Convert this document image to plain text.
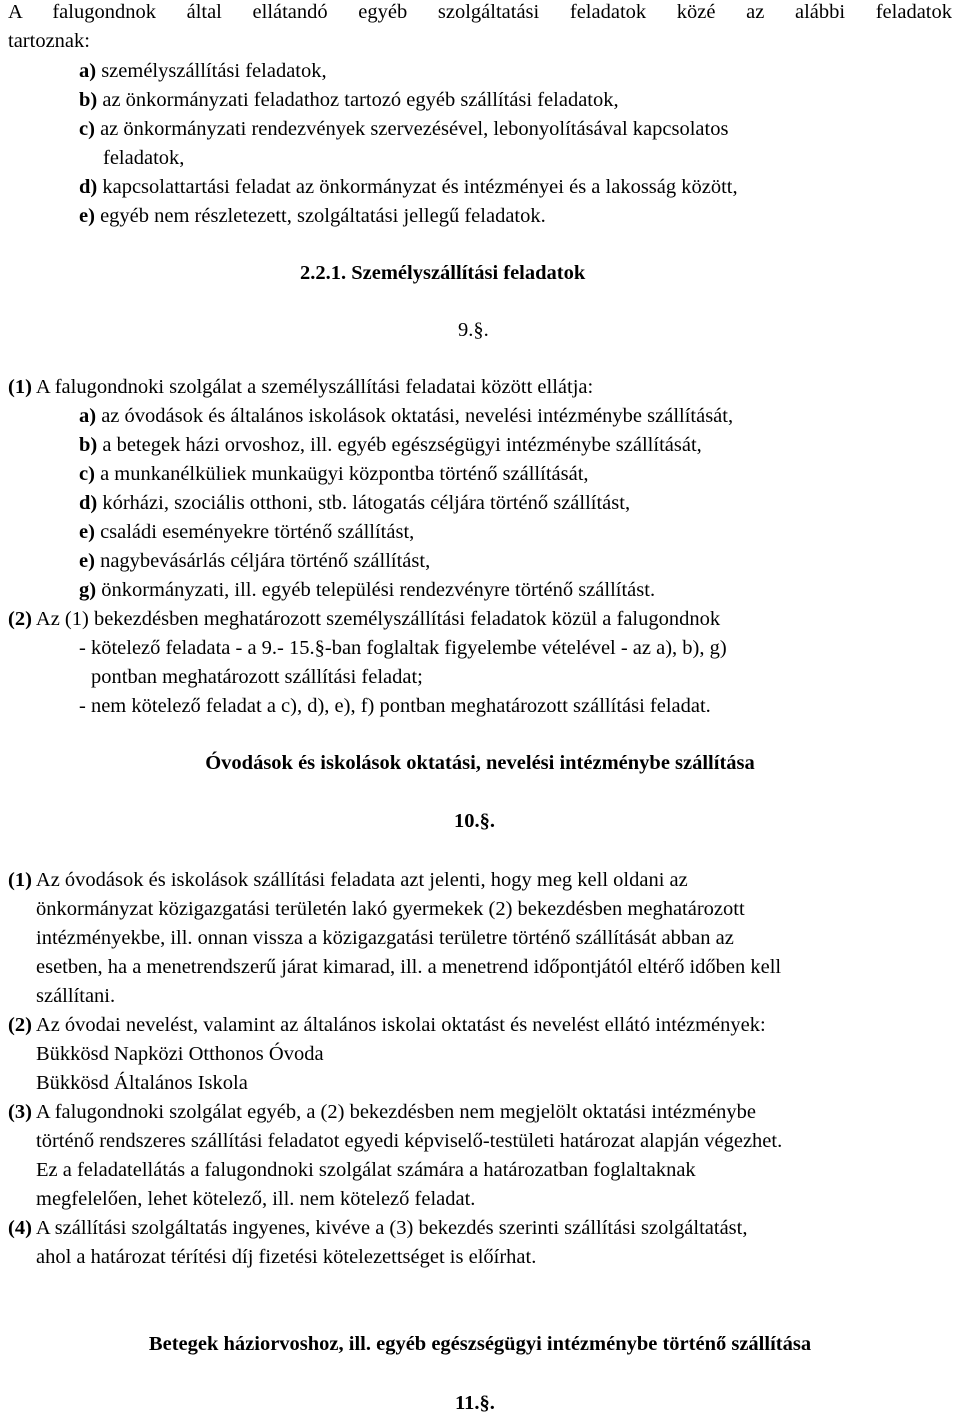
A falugondnok által ellátandó egyéb szolgáltatási feladatok közé az alábbi feladatok
tartoznak:
a) személyszállítási feladatok,
b) az önkormányzati feladathoz tartozó egyéb szállítási feladatok,
c) az önkormányzati rendezvények szervezésével, lebonyolításával kapcsolatos
feladatok,
d) kapcsolattartási feladat az önkormányzat és intézményei és a lakosság között,
e) egyéb nem részletezett, szolgáltatási jellegű feladatok.
2.2.1. Személyszállítási feladatok
9.§.
(1) A falugondnoki szolgálat a személyszállítási feladatai között ellátja:
a) az óvodások és általános iskolások oktatási, nevelési intézménybe szállítását,
b) a betegek házi orvoshoz, ill. egyéb egészségügyi intézménybe szállítását,
c) a munkanélküliek munkaügyi központba történő szállítását,
d) kórházi, szociális otthoni, stb. látogatás céljára történő szállítást,
e) családi eseményekre történő szállítást,
e) nagybevásárlás céljára történő szállítást,
g) önkormányzati, ill. egyéb települési rendezvényre történő szállítást.
(2) Az (1) bekezdésben meghatározott személyszállítási feladatok közül a falugondnok
- kötelező feladata - a 9.- 15.§-ban foglaltak figyelembe vételével - az a), b), g)
pontban meghatározott szállítási feladat;
- nem kötelező feladat a c), d), e), f) pontban meghatározott szállítási feladat.
Óvodások és iskolások oktatási, nevelési intézménybe szállítása
10.§.
(1) Az óvodások és iskolások szállítási feladata azt jelenti, hogy meg kell oldani az
önkormányzat közigazgatási területén lakó gyermekek (2) bekezdésben meghatározott
intézményekbe, ill. onnan vissza a közigazgatási területre történő szállítását abban az
esetben, ha a menetrendszerű járat kimarad, ill. a menetrend időpontjától eltérő időben kell
szállítani.
(2) Az óvodai nevelést, valamint az általános iskolai oktatást és nevelést ellátó intézmények:
Bükkösd Napközi Otthonos Óvoda
Bükkösd Általános Iskola
(3) A falugondnoki szolgálat egyéb, a (2) bekezdésben nem megjelölt oktatási intézménybe
történő rendszeres szállítási feladatot egyedi képviselő-testületi határozat alapján végezhet.
Ez a feladatellátás a falugondnoki szolgálat számára a határozatban foglaltaknak
megfelelően, lehet kötelező, ill. nem kötelező feladat.
(4) A szállítási szolgáltatás ingyenes, kivéve a (3) bekezdés szerinti szállítási szolgáltatást,
ahol a határozat térítési díj fizetési kötelezettséget is előírhat.
Betegek háziorvoshoz, ill. egyéb egészségügyi intézménybe történő szállítása
11.§.
